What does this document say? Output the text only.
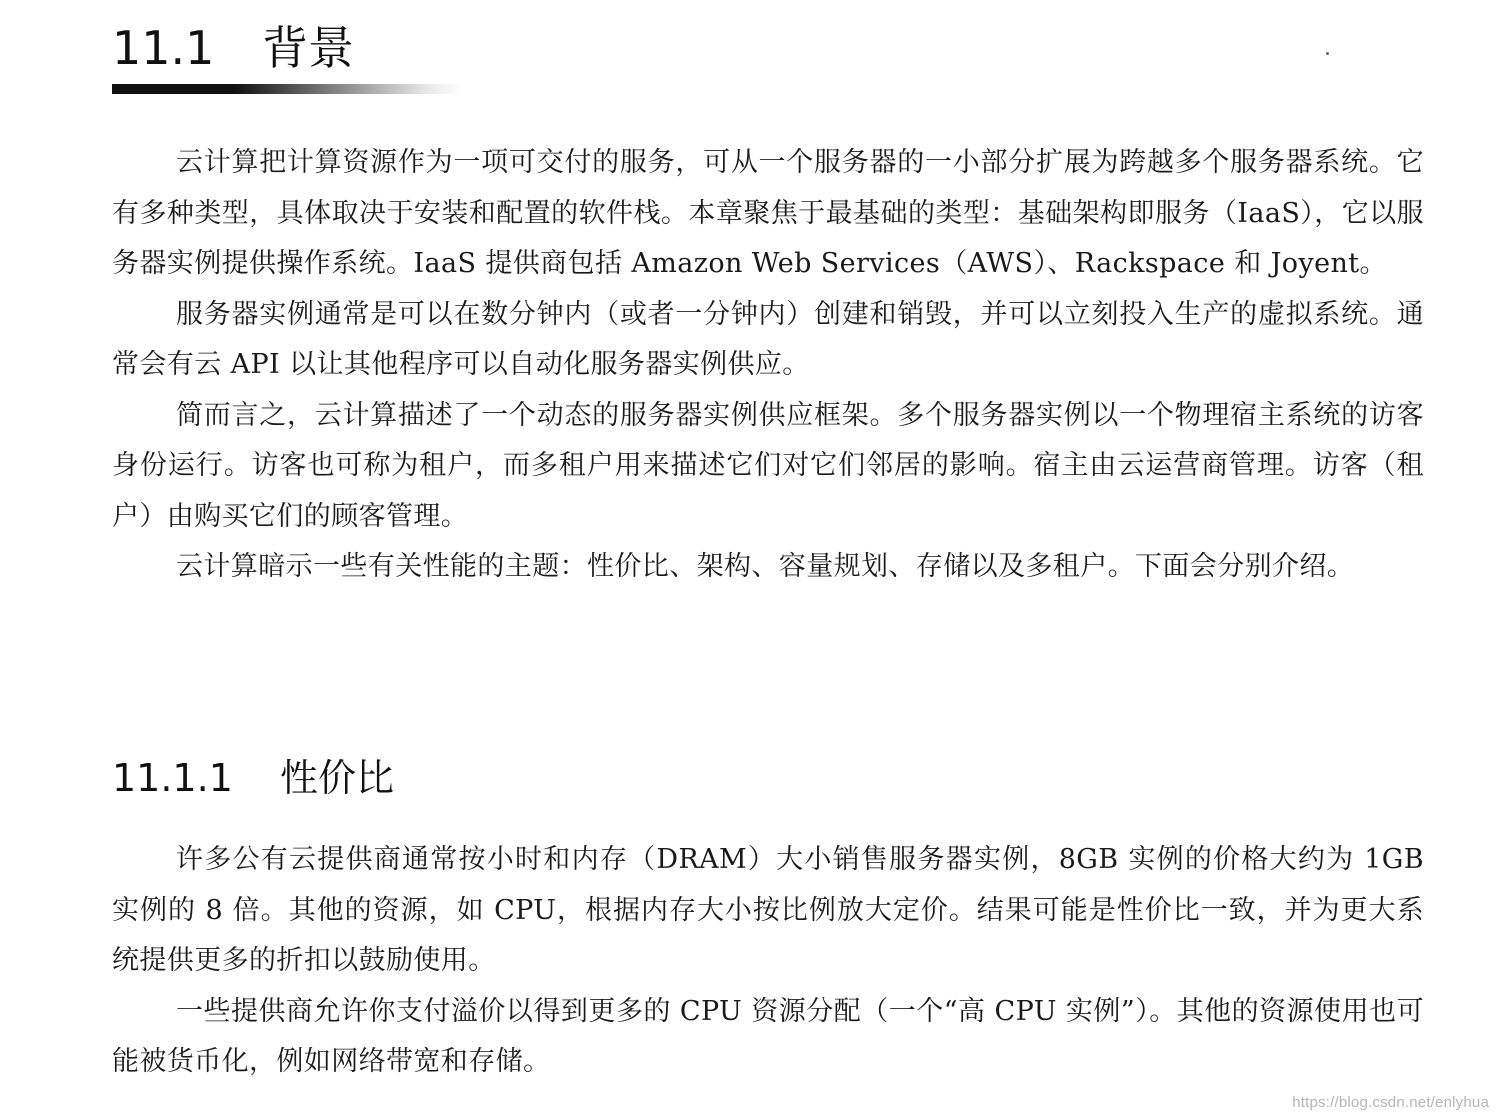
11.1 背景

云计算把计算资源作为一项可交付的服务，可从一个服务器的一小部分扩展为跨越多个服务器系统。它有多种类型，具体取决于安装和配置的软件栈。本章聚焦于最基础的类型：基础架构即服务（IaaS），它以服务器实例提供操作系统。IaaS 提供商包括 Amazon Web Services（AWS）、Rackspace 和 Joyent。

服务器实例通常是可以在数分钟内（或者一分钟内）创建和销毁，并可以立刻投入生产的虚拟系统。通常会有云 API 以让其他程序可以自动化服务器实例供应。

简而言之，云计算描述了一个动态的服务器实例供应框架。多个服务器实例以一个物理宿主系统的访客身份运行。访客也可称为租户，而多租户用来描述它们对它们邻居的影响。宿主由云运营商管理。访客（租户）由购买它们的顾客管理。

云计算暗示一些有关性能的主题：性价比、架构、容量规划、存储以及多租户。下面会分别介绍。

11.1.1 性价比

许多公有云提供商通常按小时和内存（DRAM）大小销售服务器实例，8GB 实例的价格大约为 1GB 实例的 8 倍。其他的资源，如 CPU，根据内存大小按比例放大定价。结果可能是性价比一致，并为更大系统提供更多的折扣以鼓励使用。

一些提供商允许你支付溢价以得到更多的 CPU 资源分配（一个“高 CPU 实例”）。其他的资源使用也可能被货币化，例如网络带宽和存储。

https://blog.csdn.net/enlyhua
